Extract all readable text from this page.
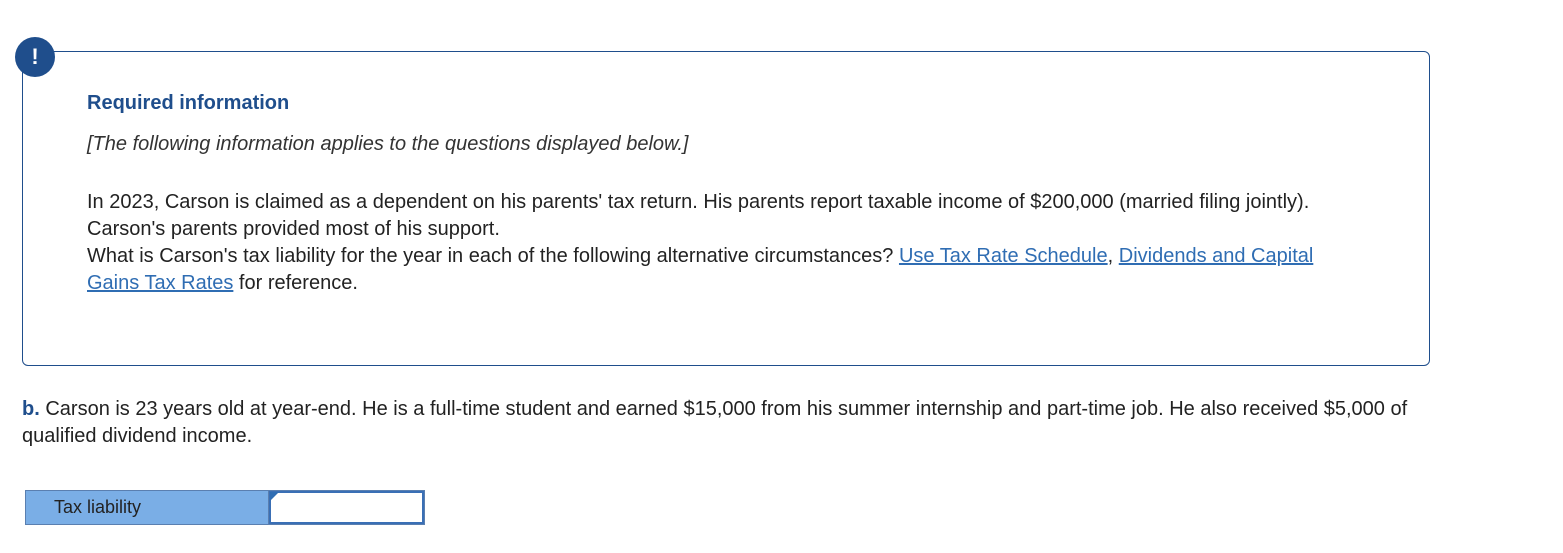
!
Required information

[The following information applies to the questions displayed below.]

In 2023, Carson is claimed as a dependent on his parents' tax return. His parents report taxable income of $200,000 (married filing jointly). Carson's parents provided most of his support.
What is Carson's tax liability for the year in each of the following alternative circumstances? Use Tax Rate Schedule, Dividends and Capital Gains Tax Rates for reference.

b. Carson is 23 years old at year-end. He is a full-time student and earned $15,000 from his summer internship and part-time job. He also received $5,000 of qualified dividend income.

Tax liability
